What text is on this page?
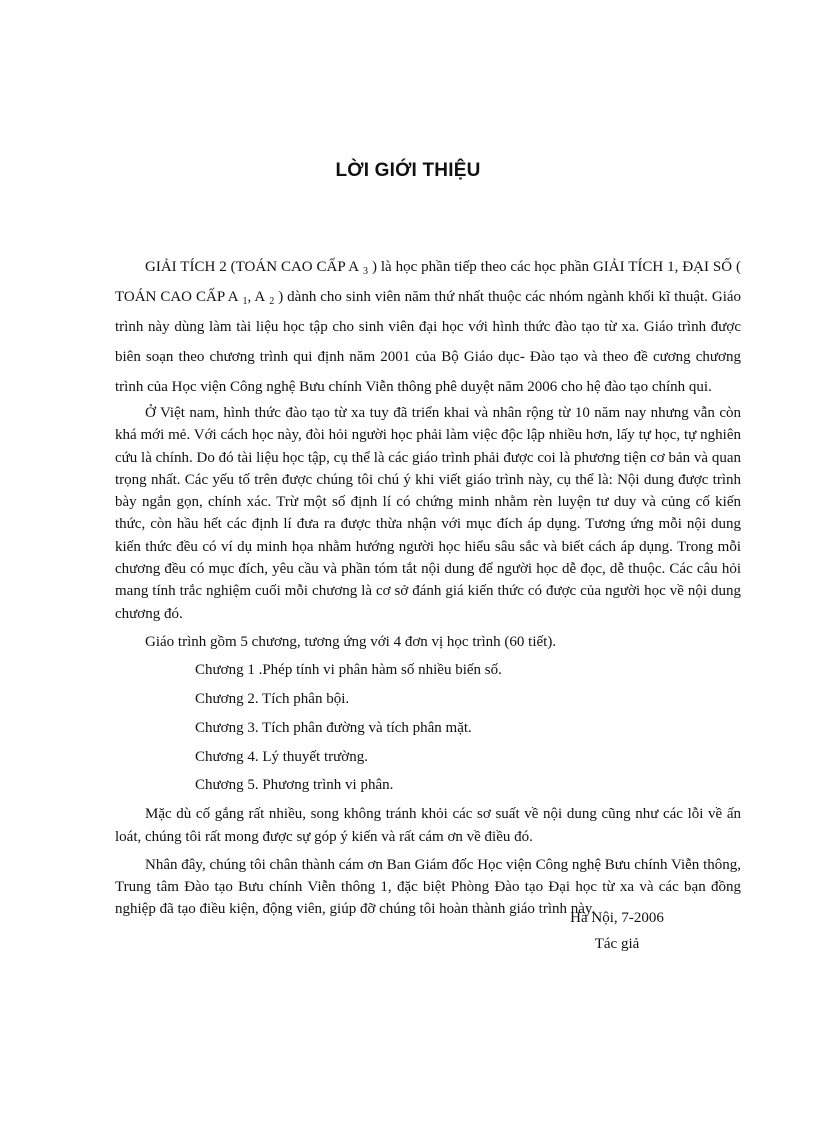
LỜI GIỚI THIỆU

GIẢI TÍCH 2 (TOÁN CAO CẤP A $_3$ ) là học phần tiếp theo các học phần GIẢI TÍCH 1, ĐẠI SỐ ( TOÁN CAO CẤP A $_1$, A $_2$ ) dành cho sinh viên năm thứ nhất thuộc các nhóm ngành khối kĩ thuật. Giáo trình này dùng làm tài liệu học tập cho sinh viên đại học với hình thức đào tạo từ xa. Giáo trình được biên soạn theo chương trình qui định năm 2001 của Bộ Giáo dục- Đào tạo và theo đề cương chương trình của Học viện Công nghệ Bưu chính Viễn thông phê duyệt năm 2006 cho hệ đào tạo chính qui.

Ở Việt nam, hình thức đào tạo từ xa tuy đã triển khai và nhân rộng từ 10 năm nay nhưng vẫn còn khá mới mẻ. Với cách học này, đòi hỏi người học phải làm việc độc lập nhiều hơn, lấy tự học, tự nghiên cứu là chính. Do đó tài liệu học tập, cụ thể là các giáo trình phải được coi là phương tiện cơ bản và quan trọng nhất. Các yếu tố trên được chúng tôi chú ý khi viết giáo trình này, cụ thể là: Nội dung được trình bày ngắn gọn, chính xác. Trừ một số định lí có chứng minh nhằm rèn luyện tư duy và củng cố kiến thức, còn hầu hết các định lí đưa ra được thừa nhận với mục đích áp dụng. Tương ứng mỗi nội dung kiến thức đều có ví dụ minh họa nhằm hướng người học hiểu sâu sắc và biết cách áp dụng. Trong mỗi chương đều có mục đích, yêu cầu và phần tóm tắt nội dung để người học dễ đọc, dễ thuộc. Các câu hỏi mang tính trắc nghiệm cuối mỗi chương là cơ sở đánh giá kiến thức có được của người học về nội dung chương đó.

Giáo trình gồm 5 chương, tương ứng với 4 đơn vị học trình (60 tiết).

Chương 1 .Phép tính vi phân hàm số nhiều biến số.
Chương 2. Tích phân bội.
Chương 3. Tích phân đường và tích phân mặt.
Chương 4. Lý thuyết trường.
Chương 5. Phương trình vi phân.

Mặc dù cố gắng rất nhiều, song không tránh khỏi các sơ suất về nội dung cũng như các lỗi về ấn loát, chúng tôi rất mong được sự góp ý kiến và rất cám ơn về điều đó.

Nhân đây, chúng tôi chân thành cám ơn Ban Giám đốc Học viện Công nghệ Bưu chính Viễn thông, Trung tâm Đào tạo Bưu chính Viễn thông 1, đặc biệt Phòng Đào tạo Đại học từ xa và các bạn đồng nghiệp đã tạo điều kiện, động viên, giúp đỡ chúng tôi hoàn thành giáo trình này.

Hà Nội, 7-2006
Tác giả
